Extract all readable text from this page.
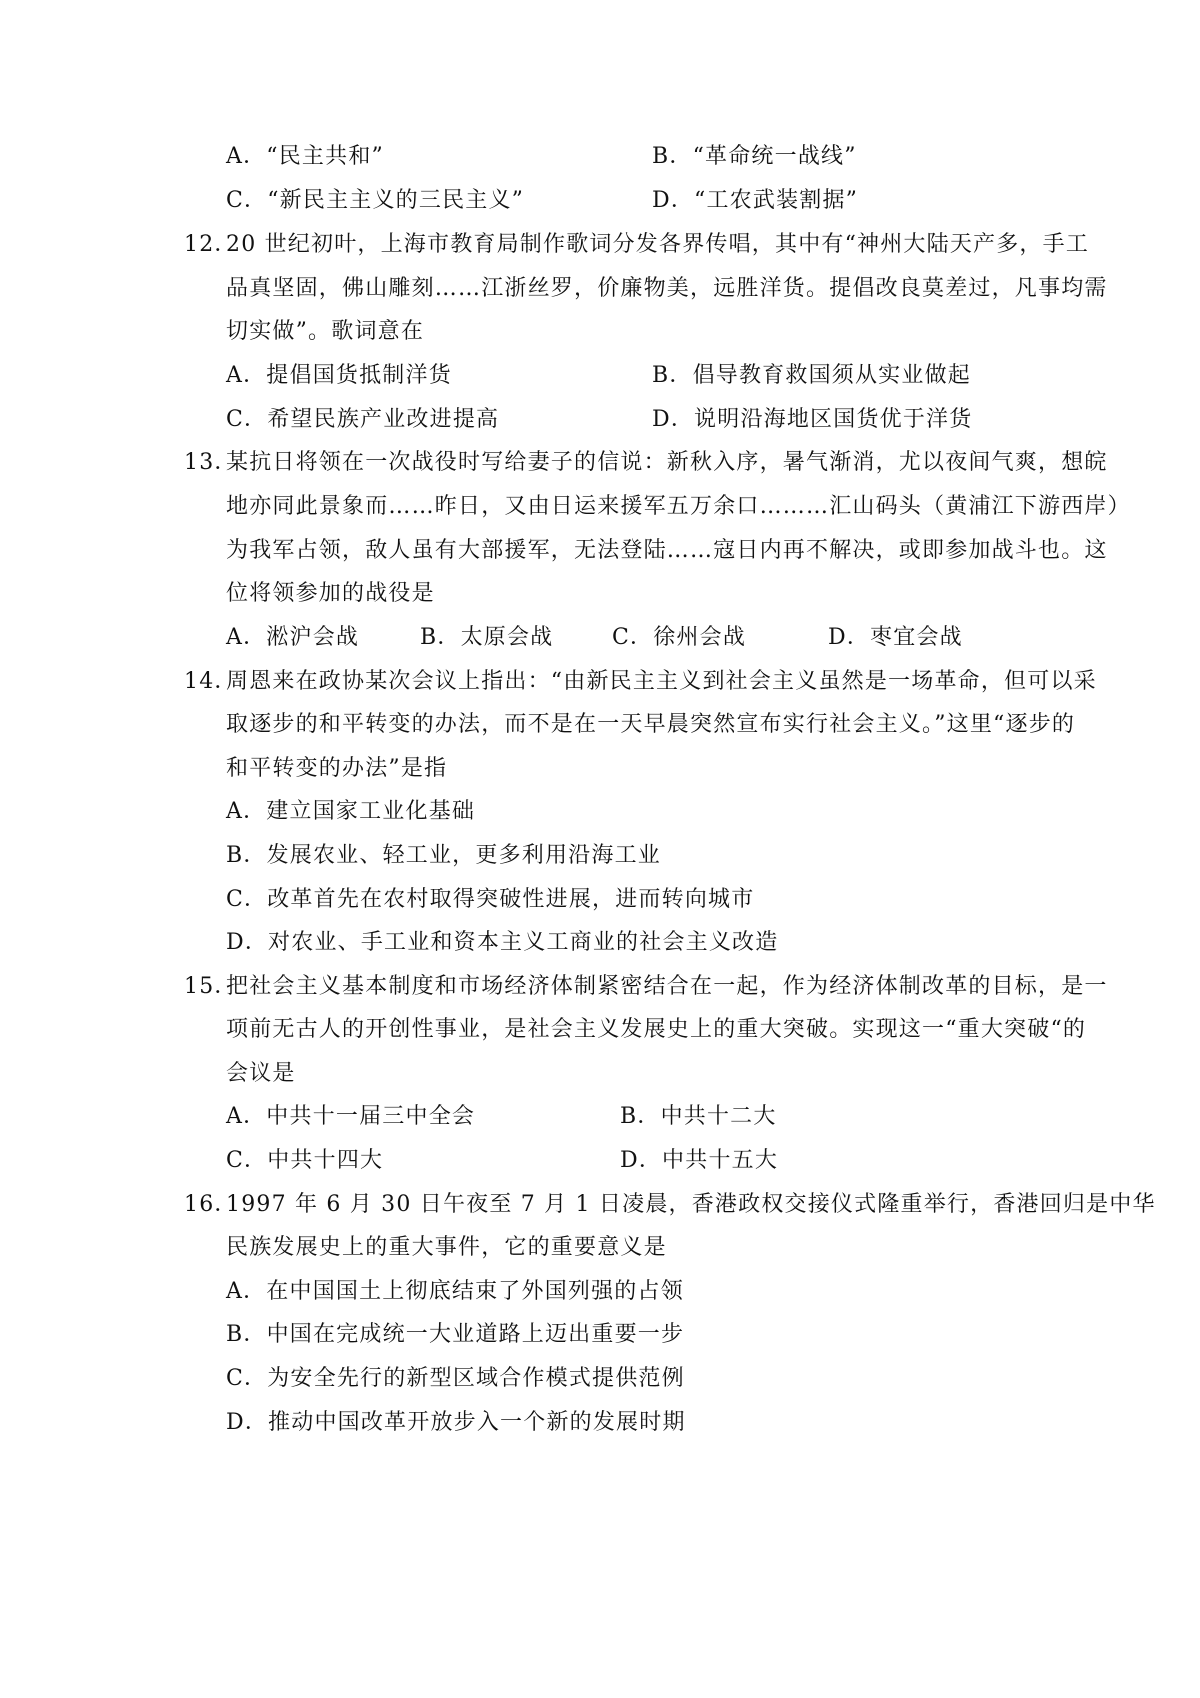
A．“民主共和”	B．“革命统一战线”
C．“新民主主义的三民主义”	D．“工农武装割据”
12．
20 世纪初叶，上海市教育局制作歌词分发各界传唱，其中有“神州大陆天产多，手工
品真坚固，佛山雕刻……江浙丝罗，价廉物美，远胜洋货。提倡改良莫差过，凡事均需
切实做”。歌词意在
A．提倡国货抵制洋货	B．倡导教育救国须从实业做起
C．希望民族产业改进提高	D．说明沿海地区国货优于洋货
13．
某抗日将领在一次战役时写给妻子的信说：新秋入序，暑气渐消，尤以夜间气爽，想皖
地亦同此景象而……昨日，又由日运来援军五万余口………汇山码头（黄浦江下游西岸）
为我军占领，敌人虽有大部援军，无法登陆……寇日内再不解决，或即参加战斗也。这
位将领参加的战役是
A．淞沪会战	B．太原会战	C．徐州会战	D．枣宜会战
14．
周恩来在政协某次会议上指出：“由新民主主义到社会主义虽然是一场革命，但可以采
取逐步的和平转变的办法，而不是在一天早晨突然宣布实行社会主义。”这里“逐步的
和平转变的办法”是指
A．建立国家工业化基础
B．发展农业、轻工业，更多利用沿海工业
C．改革首先在农村取得突破性进展，进而转向城市
D．对农业、手工业和资本主义工商业的社会主义改造
15．
把社会主义基本制度和市场经济体制紧密结合在一起，作为经济体制改革的目标，是一
项前无古人的开创性事业，是社会主义发展史上的重大突破。实现这一“重大突破“的
会议是
A．中共十一届三中全会	B．中共十二大
C．中共十四大	D．中共十五大
16．
1997 年 6 月 30 日午夜至 7 月 1 日凌晨，香港政权交接仪式隆重举行，香港回归是中华
民族发展史上的重大事件，它的重要意义是
A．在中国国土上彻底结束了外国列强的占领
B．中国在完成统一大业道路上迈出重要一步
C．为安全先行的新型区域合作模式提供范例
D．推动中国改革开放步入一个新的发展时期
